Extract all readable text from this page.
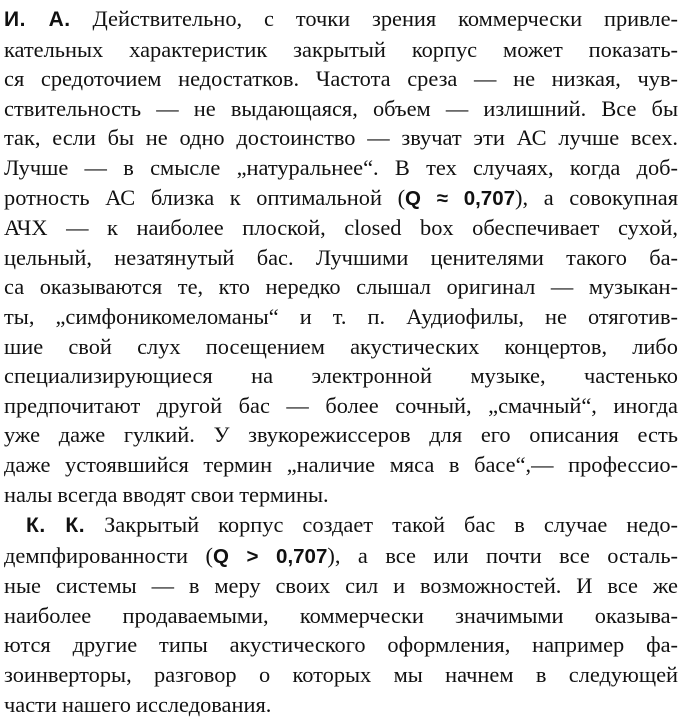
И. А. Действительно, с точки зрения коммерчески привле-
кательных характеристик закрытый корпус может показать-
ся средоточием недостатков. Частота среза — не низкая, чув-
ствительность — не выдающаяся, объем — излишний. Все бы
так, если бы не одно достоинство — звучат эти АС лучше всех.
Лучше — в смысле „натуральнее“. В тех случаях, когда доб-
ротность АС близка к оптимальной (Q ≈ 0,707), а совокупная
АЧХ — к наиболее плоской, closed box обеспечивает сухой,
цельный, незатянутый бас. Лучшими ценителями такого ба-
са оказываются те, кто нередко слышал оригинал — музыкан-
ты, „симфоникомеломаны“ и т. п. Аудиофилы, не отяготив-
шие свой слух посещением акустических концертов, либо
специализирующиеся на электронной музыке, частенько
предпочитают другой бас — более сочный, „смачный“, иногда
уже даже гулкий. У звукорежиссеров для его описания есть
даже устоявшийся термин „наличие мяса в басе“,— профессио-
налы всегда вводят свои термины.
К. К. Закрытый корпус создает такой бас в случае недо-
демпфированности (Q > 0,707), а все или почти все осталь-
ные системы — в меру своих сил и возможностей. И все же
наиболее продаваемыми, коммерчески значимыми оказыва-
ются другие типы акустического оформления, например фа-
зоинверторы, разговор о которых мы начнем в следующей
части нашего исследования.
